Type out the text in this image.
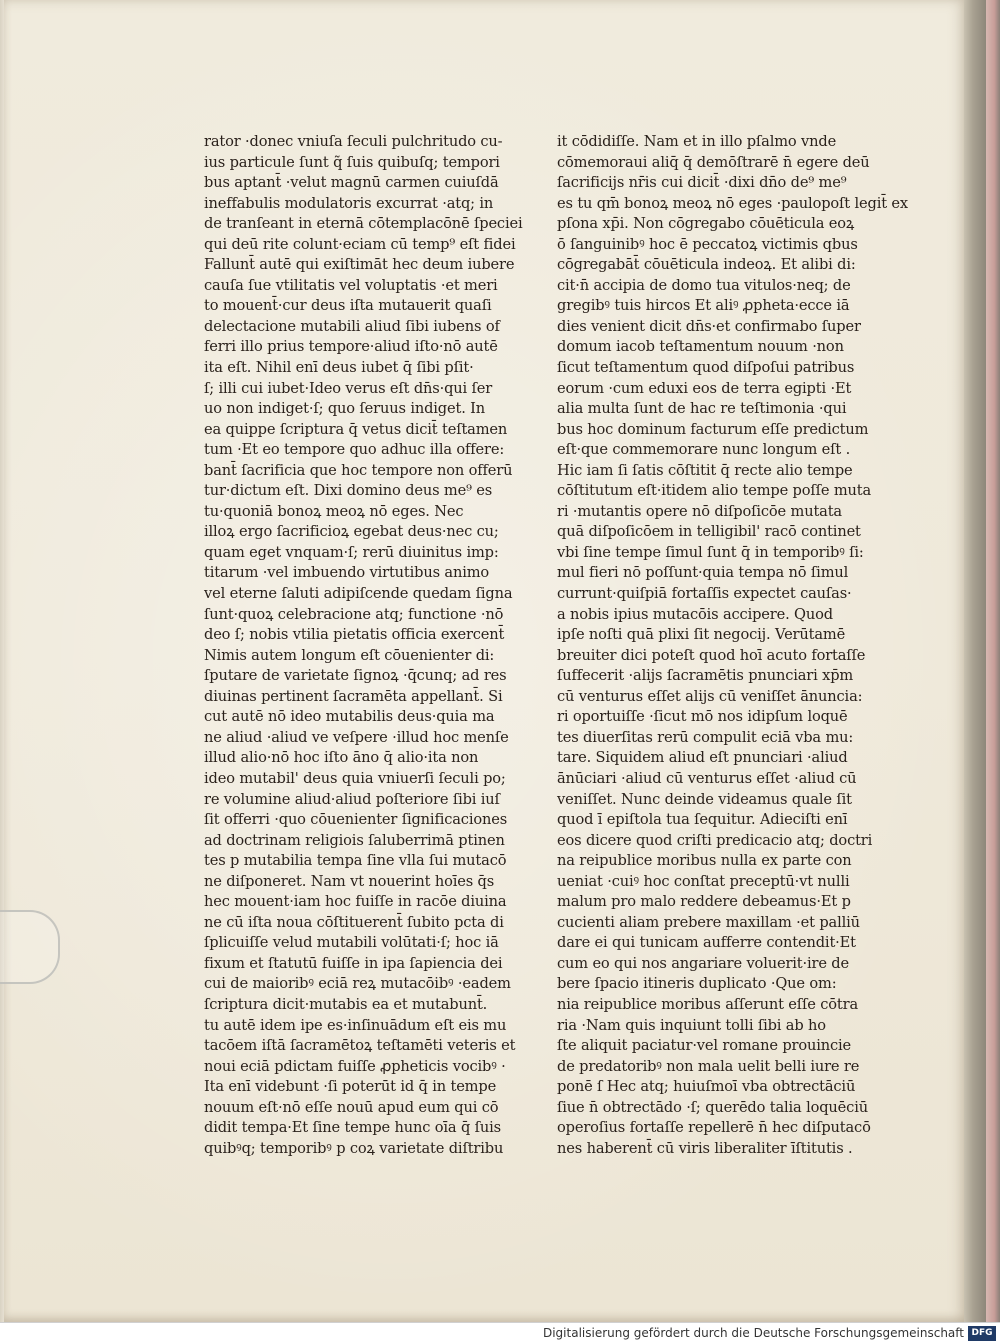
rator ·donec vniuſa ſeculi pulchritudo cu-
ius particule ſunt q̃ ſuis quibuſq; tempori
bus aptant̄ ·velut magnū carmen cuiuſdā
ineffabulis modulatoris excurrat ·atq; in
de tranſeant in eternā cōtemplacōnē ſpeciei
qui deū rite colunt·eciam cū temp⁹ eſt fidei
Fallunt̄ autē qui exiſtimāt hec deum iubere
cauſa ſue vtilitatis vel voluptatis ·et meri
to mouent̄·cur deus iſta mutauerit quaſi
delectacione mutabili aliud ſibi iubens of
ferri illo prius tempore·aliud iſto·nō autē
ita eſt. Nihil enī deus iubet q̄ ſibi pſit·
ſ; illi cui iubet·Ideo verus eſt dn̄s·qui ſer
uo non indiget·ſ; quo ſeruus indiget. In
ea quippe ſcriptura q̄ vetus dicit̄ teſtamen
tum ·Et eo tempore quo adhuc illa offere:
bant̄ ſacrificia que hoc tempore non offerū
tur·dictum eſt. Dixi domino deus me⁹ es
tu·quoniā bonoꝝ meoꝝ nō eges. Nec
illoꝝ ergo ſacrificioꝝ egebat deus·nec cu;
quam eget vnquam·ſ; rerū diuinitus imp:
titarum ·vel imbuendo virtutibus animo
vel eterne ſaluti adipiſcende quedam ſigna
ſunt·quoꝝ celebracione atq; functione ·nō
deo ſ; nobis vtilia pietatis officia exercent̄
Nimis autem longum eſt cōuenienter di:
ſputare de varietate ſignoꝝ ·q̄cunq; ad res
diuinas pertinent ſacramēta appellant̄. Si
cut autē nō ideo mutabilis deus·quia ma
ne aliud ·aliud ve veſpere ·illud hoc menſe
illud alio·nō hoc iſto āno q̄ alio·ita non
ideo mutabil' deus quia vniuerſi ſeculi po;
re volumine aliud·aliud poſteriore ſibi iuſ
ſit offerri ·quo cōuenienter ſignificaciones
ad doctrinam religiois ſaluberrimā ptinen
tes p mutabilia tempa ſine vlla ſui mutacō
ne diſponeret. Nam vt nouerint hoīes q̄s
hec mouent·iam hoc fuiſſe in racōe diuina
ne cū iſta noua cōſtituerent̄ ſubito pcta di
ſplicuiſſe velud mutabili volūtati·ſ; hoc iā
fixum et ſtatutū fuiſſe in ipa ſapiencia dei
cui de maioribꝰ eciā reꝝ mutacōibꝰ ·eadem
ſcriptura dicit·mutabis ea et mutabunt̄.
tu autē idem ipe es·inſinuādum eſt eis mu
tacōem iſtā ſacramētoꝝ teſtamēti veteris et
noui eciā pdictam fuiſſe ꝓpheticis vocibꝰ ·
Ita enī videbunt ·ſi poterūt id q̄ in tempe
nouum eſt·nō eſſe nouū apud eum qui cō
didit tempa·Et ſine tempe hunc oīa q̄ ſuis
quibꝰq; temporibꝰ p coꝝ varietate diſtribu
it cōdidiſſe. Nam et in illo pſalmo vnde
cōmemoraui aliq̄ q̄ demōſtrarē n̄ egere deū
ſacrificijs nr̄is cui dicit̄ ·dixi dn̄o de⁹ me⁹
es tu qm̄ bonoꝝ meoꝝ nō eges ·paulopoſt legit̄ ex
pſona xp̄i. Non cōgregabo cōuēticula eoꝝ
ō ſanguinibꝰ hoc ē peccatoꝝ victimis qbus
cōgregabāt̄ cōuēticula indeoꝝ. Et alibi di:
cit·n̄ accipia de domo tua vitulos·neq; de
gregibꝰ tuis hircos Et aliꝰ ꝓpheta·ecce iā
dies venient dicit dn̄s·et confirmabo ſuper
domum iacob teſtamentum nouum ·non
ſicut teſtamentum quod diſpoſui patribus
eorum ·cum eduxi eos de terra egipti ·Et
alia multa ſunt de hac re teſtimonia ·qui
bus hoc dominum facturum eſſe predictum
eſt·que commemorare nunc longum eſt .
Hic iam ſi ſatis cōſtitit q̄ recte alio tempe
cōſtitutum eſt·itidem alio tempe poſſe muta
ri ·mutantis opere nō diſpoſicōe mutata
quā diſpoſicōem in telligibil' racō continet
vbi ſine tempe ſimul ſunt q̄ in temporibꝰ ſi:
mul fieri nō poſſunt·quia tempa nō ſimul
currunt·quiſpiā fortaſſis expectet cauſas·
a nobis ipius mutacōis accipere. Quod
ipſe noſti quā plixi ſit negocij. Verūtamē
breuiter dici poteſt quod hoī acuto fortaſſe
ſuffecerit ·alijs ſacramētis pnunciari xp̄m
cū venturus eſſet alijs cū veniſſet ānuncia:
ri oportuiſſe ·ſicut mō nos idipſum loquē
tes diuerſitas rerū compulit eciā vba mu:
tare. Siquidem aliud eſt pnunciari ·aliud
ānūciari ·aliud cū venturus eſſet ·aliud cū
veniſſet. Nunc deinde videamus quale ſit
quod ī epiſtola tua ſequitur. Adieciſti enī
eos dicere quod criſti predicacio atq; doctri
na reipublice moribus nulla ex parte con
ueniat ·cuiꝰ hoc conſtat preceptū·vt nulli
malum pro malo reddere debeamus·Et p
cucienti aliam prebere maxillam ·et palliū
dare ei qui tunicam aufferre contendit·Et
cum eo qui nos angariare voluerit·ire de
bere ſpacio itineris duplicato ·Que om:
nia reipublice moribus aſſerunt eſſe cōtra
ria ·Nam quis inquiunt tolli ſibi ab ho
ſte aliquit paciatur·vel romane prouincie
de predatoribꝰ non mala uelit belli iure re
ponē ſ Hec atq; huiuſmoī vba obtrectāciū
ſiue n̄ obtrectādo ·ſ; querēdo talia loquēciū
operoſius fortaſſe repellerē n̄ hec diſputacō
nes haberent̄ cū viris liberaliter īſtitutis .
Digitalisierung gefördert durch die Deutsche Forschungsgemeinschaft DFG
